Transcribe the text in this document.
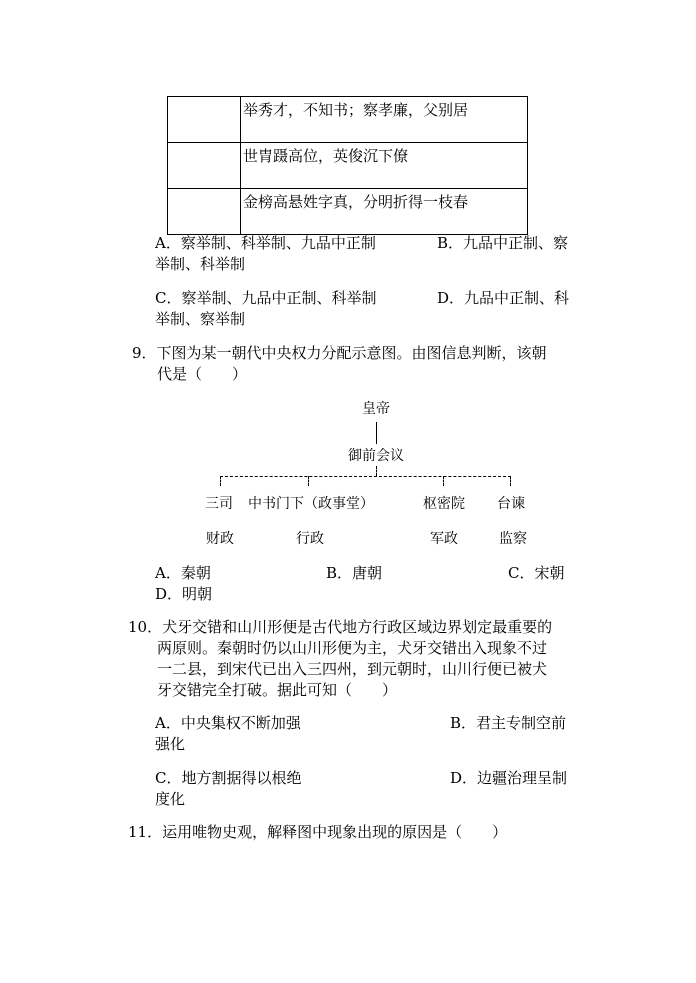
	举秀才，不知书；察孝廉，父别居
	世胄蹑高位，英俊沉下僚
	金榜高悬姓字真，分明折得一枝春
A．察举制、科举制、九品中正制	B．九品中正制、察
举制、科举制
C．察举制、九品中正制、科举制	D．九品中正制、科
举制、察举制
9．下图为某一朝代中央权力分配示意图。由图信息判断，该朝
代是（　　）
皇帝
御前会议
三司 中书门下（政事堂）	枢密院 台谏
财政	行政	军政	监察
A．秦朝	B．唐朝	C．宋朝
D．明朝
10．犬牙交错和山川形便是古代地方行政区域边界划定最重要的
两原则。秦朝时仍以山川形便为主，犬牙交错出入现象不过
一二县，到宋代已出入三四州，到元朝时，山川行便已被犬
牙交错完全打破。据此可知（　　）
A．中央集权不断加强	B．君主专制空前
强化
C．地方割据得以根绝	D．边疆治理呈制
度化
11．运用唯物史观，解释图中现象出现的原因是（　　）
